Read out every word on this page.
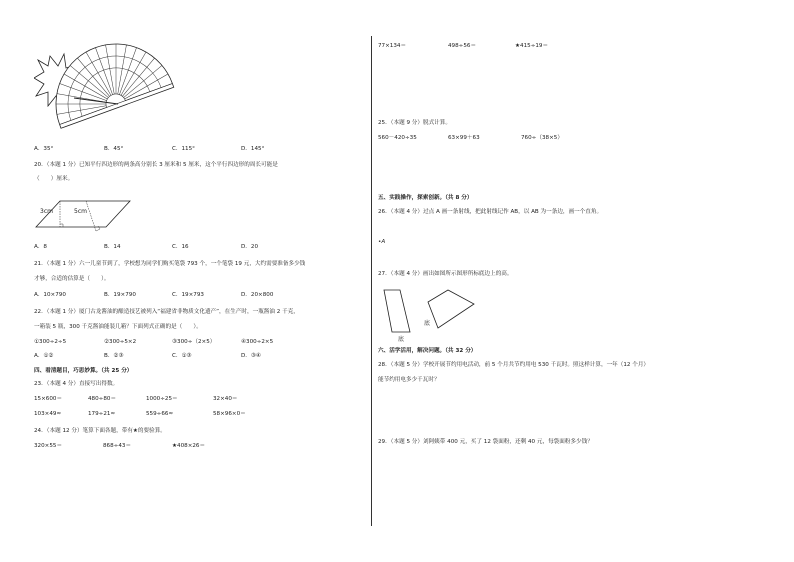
A．35°	B．45°	C．115°	D．145°
20．（本题 1 分）已知平行四边形的两条高分别长 3 厘米和 5 厘米，这个平行四边形的周长可能是
（　　）厘米。
3cm	5cm
A．8	B．14	C．16	D．20
21．（本题 1 分）六一儿童节到了，学校想为同学们购买笔袋 793 个，一个笔袋 19 元，大约需要准备多少钱
才够，合适的估算是（　　）。
A．10×790	B．19×790	C．19×793	D．20×800
22．（本题 1 分）厦门古龙酱油的酿造技艺被列入“福建省非物质文化遗产”，在生产时，一瓶酱油 2 千克，
一箱装 5 瓶，300 千克酱油能装几箱？下面列式正确的是（　　）。
①300÷2÷5	②300÷5×2	③300÷（2×5）	④300÷2×5
A．①②	B．②③	C．①③	D．③④
四、看清题目，巧思妙算。（共 25 分）
23．（本题 4 分）直接写出得数。
15×600＝	480÷80＝	1000÷25＝	32×40＝
103×49≈	179÷21≈	559÷66≈	58×96×0＝
24．（本题 12 分）笔算下面各题，带有★的要验算。
320×55＝	868÷43＝	★408×26＝
77×134＝	498÷56＝	★415÷19＝
25．（本题 9 分）脱式计算。
560－420÷35	63×99＋63	760÷（38×5）
五、实践操作，探索创新。（共 8 分）
26．（本题 4 分）过点 A 画一条射线，把此射线记作 AB，以 AB 为一条边，画一个直角。
•A
27．（本题 4 分）画出如图所示图形所标底边上的高。
底
底
六、活学活用，解决问题。（共 32 分）
28．（本题 5 分）学校开展节约用电活动，前 5 个月共节约用电 530 千瓦时。照这样计算，一年（12 个月）
能节约用电多少千瓦时？
29．（本题 5 分）刘阿姨带 400 元，买了 12 袋面粉，还剩 40 元，每袋面粉多少钱？
